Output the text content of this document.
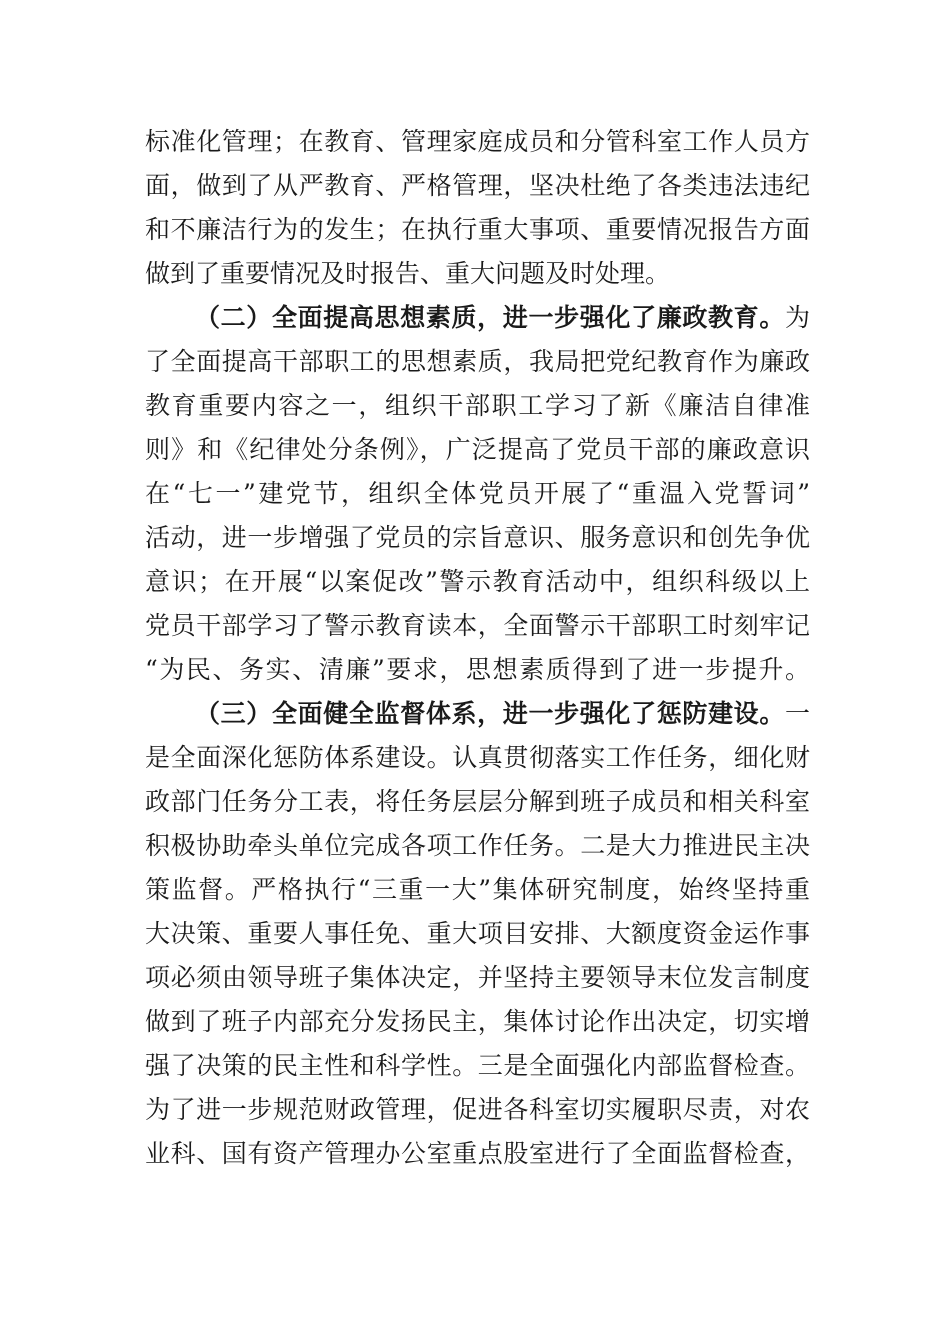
标准化管理；在教育、管理家庭成员和分管科室工作人员方
面，做到了从严教育、严格管理，坚决杜绝了各类违法违纪
和不廉洁行为的发生；在执行重大事项、重要情况报告方面
做到了重要情况及时报告、重大问题及时处理。
（二）全面提高思想素质，进一步强化了廉政教育。为
了全面提高干部职工的思想素质，我局把党纪教育作为廉政
教育重要内容之一，组织干部职工学习了新《廉洁自律准
则》和《纪律处分条例》，广泛提高了党员干部的廉政意识
在“七一”建党节，组织全体党员开展了“重温入党誓词”
活动，进一步增强了党员的宗旨意识、服务意识和创先争优
意识；在开展“以案促改”警示教育活动中，组织科级以上
党员干部学习了警示教育读本，全面警示干部职工时刻牢记
“为民、务实、清廉”要求，思想素质得到了进一步提升。
（三）全面健全监督体系，进一步强化了惩防建设。一
是全面深化惩防体系建设。认真贯彻落实工作任务，细化财
政部门任务分工表，将任务层层分解到班子成员和相关科室
积极协助牵头单位完成各项工作任务。二是大力推进民主决
策监督。严格执行“三重一大”集体研究制度，始终坚持重
大决策、重要人事任免、重大项目安排、大额度资金运作事
项必须由领导班子集体决定，并坚持主要领导末位发言制度
做到了班子内部充分发扬民主，集体讨论作出决定，切实增
强了决策的民主性和科学性。三是全面强化内部监督检查。
为了进一步规范财政管理，促进各科室切实履职尽责，对农
业科、国有资产管理办公室重点股室进行了全面监督检查，
